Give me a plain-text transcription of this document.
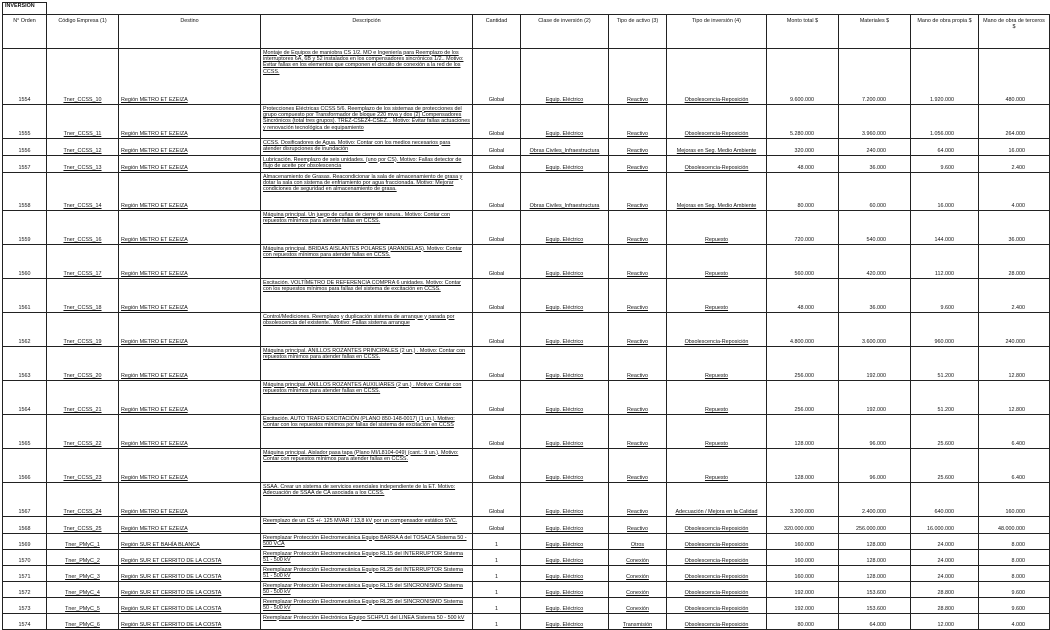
INVERSIÓN											
N° Orden	Código Empresa (1)	Destino	Descripción	Cantidad	Clase de inversión (2)	Tipo de activo (3)	Tipo de inversión (4)	Monto total $	Materiales $	Mano de obra propia $	Mano de obra de terceros $
1554	Tner_CCSS_10	Región METRO ET EZEIZA	Montaje de Equipos de maniobra CS 1/2. MO e Ingeniería para Reemplazo de los interruptores 6A, 6B y 52 instalados en los compensadores sincrónicos 1/2.. Motivo: Evitar fallas en los elementos que componen el circuito de conexión a la red de los CCSS.	Global	Equip. Eléctrico	Reactivo	Obsolescencia-Reposición	9.600.000	7.200.000	1.920.000	480.000
1555	Tner_CCSS_11	Región METRO ET EZEIZA	Protecciones Eléctricas CCSS 5/6. Reemplazo de los sistemas de protecciones del grupo compuesto por Transformador de bloque 220 mva y dos (2) Compensadores Sincrónicos (total tres grupos). TREZ-CSEZ4-CSEZ... Motivo: Evitar fallas actuaciones y renovación tecnológica de equipamiento	Global	Equip. Eléctrico	Reactivo	Obsolescencia-Reposición	5.280.000	3.960.000	1.056.000	264.000
1556	Tner_CCSS_12	Región METRO ET EZEIZA	CCSS. Dosificadores de Agua. Motivo: Contar con los medios necesarios para atender disrupciones de inundación	Global	Obras Civiles_Infraestructura	Reactivo	Mejoras en Seg. Medio Ambiente	320.000	240.000	64.000	16.000
1557	Tner_CCSS_13	Región METRO ET EZEIZA	Lubricación. Reemplazo de seis unidades. (uno por CS). Motivo: Fallas detector de flujo de aceite por obsolescencia	Global	Equip. Eléctrico	Reactivo	Obsolescencia-Reposición	48.000	36.000	9.600	2.400
1558	Tner_CCSS_14	Región METRO ET EZEIZA	Almacenamiento de Grasas. Reacondicionar la sala de almacenamiento de grasa y dotar la sala con sistema de enfriamiento por agua fraccionada. Motivo: Mejorar condiciones de seguridad en almacenamiento de grasa.	Global	Obras Civiles_Infraestructura	Reactivo	Mejoras en Seg. Medio Ambiente	80.000	60.000	16.000	4.000
1559	Tner_CCSS_16	Región METRO ET EZEIZA	Máquina principal. Un juego de cuñas de cierre de ranura.. Motivo: Contar con repuestos mínimos para atender fallas en CCSS.	Global	Equip. Eléctrico	Reactivo	Repuesto	720.000	540.000	144.000	36.000
1560	Tner_CCSS_17	Región METRO ET EZEIZA	Máquina principal. BRIDAS AISLANTES POLARES (ARANDELAS). Motivo: Contar con repuestos mínimos para atender fallas en CCSS.	Global	Equip. Eléctrico	Reactivo	Repuesto	560.000	420.000	112.000	28.000
1561	Tner_CCSS_18	Región METRO ET EZEIZA	Excitación. VOLTÍMETRO DE REFERENCIA COMPRA 6 unidades. Motivo: Contar con los repuestos mínimos para fallas del sistema de excitación en CCSS.	Global	Equip. Eléctrico	Reactivo	Repuesto	48.000	36.000	9.600	2.400
1562	Tner_CCSS_19	Región METRO ET EZEIZA	Control/Mediciones. Reemplazo y duplicación sistema de arranque y parada por obsolescencia del existente.. Motivo: Fallas sistema arranque	Global	Equip. Eléctrico	Reactivo	Obsolescencia-Reposición	4.800.000	3.600.000	960.000	240.000
1563	Tner_CCSS_20	Región METRO ET EZEIZA	Máquina principal. ANILLOS ROZANTES PRINCIPALES (2 un.) . Motivo: Contar con repuestos mínimos para atender fallas en CCSS.	Global	Equip. Eléctrico	Reactivo	Repuesto	256.000	192.000	51.200	12.800
1564	Tner_CCSS_21	Región METRO ET EZEIZA	Máquina principal. ANILLOS ROZANTES AUXILIARES (2 un.) . Motivo: Contar con repuestos mínimos para atender fallas en CCSS.	Global	Equip. Eléctrico	Reactivo	Repuesto	256.000	192.000	51.200	12.800
1565	Tner_CCSS_22	Región METRO ET EZEIZA	Excitación. AUTO TRAFO EXCITACIÓN (PLANO 850-148-0017) (1 un.). Motivo: Contar con los repuestos mínimos por fallas del sistema de excitación en CCSS	Global	Equip. Eléctrico	Reactivo	Repuesto	128.000	96.000	25.600	6.400
1566	Tner_CCSS_23	Región METRO ET EZEIZA	Máquina principal. Aislador pasa tapa (Plano MI/L8104-049) (cant.: 9 un.). Motivo: Contar con repuestos mínimos para atender fallas en CCSS.	Global	Equip. Eléctrico	Reactivo	Repuesto	128.000	96.000	25.600	6.400
1567	Tner_CCSS_24	Región METRO ET EZEIZA	SSAA. Crear un sistema de servicios esenciales independiente de la ET. Motivo: Adecuación de SSAA de CA asociada a los CCSS.	Global	Equip. Eléctrico	Reactivo	Adecuación / Mejora en la Calidad	3.200.000	2.400.000	640.000	160.000
1568	Tner_CCSS_25	Región METRO ET EZEIZA	Reemplazo de un CS +/- 125 MVAR / 13,8 kV por un compensador estático SVC.	Global	Equip. Eléctrico	Reactivo	Obsolescencia-Reposición	320.000.000	256.000.000	16.000.000	48.000.000
1569	Tner_PMyC_1	Región SUR ET BAHÍA BLANCA	Reemplazar Protección Electromecánica Equipo BARRA A del TOSACA Sistema 50 - 500 VCA	1	Equip. Eléctrico	Otros	Obsolescencia-Reposición	160.000	128.000	24.000	8.000
1570	Tner_PMyC_2	Región SUR ET CERRITO DE LA COSTA	Reemplazar Protección Electromecánica Equipo RL15 del INTERRUPTOR Sistema 51 - 500 kV	1	Equip. Eléctrico	Conexión	Obsolescencia-Reposición	160.000	128.000	24.000	8.000
1571	Tner_PMyC_3	Región SUR ET CERRITO DE LA COSTA	Reemplazar Protección Electromecánica Equipo RL25 del INTERRUPTOR Sistema 51 - 500 kV	1	Equip. Eléctrico	Conexión	Obsolescencia-Reposición	160.000	128.000	24.000	8.000
1572	Tner_PMyC_4	Región SUR ET CERRITO DE LA COSTA	Reemplazar Protección Electromecánica Equipo RL15 del SINCRONISMO Sistema 50 - 500 kV	1	Equip. Eléctrico	Conexión	Obsolescencia-Reposición	192.000	153.600	28.800	9.600
1573	Tner_PMyC_5	Región SUR ET CERRITO DE LA COSTA	Reemplazar Protección Electromecánica Equipo RL25 del SINCRONISMO Sistema 50 - 500 kV	1	Equip. Eléctrico	Conexión	Obsolescencia-Reposición	192.000	153.600	28.800	9.600
1574	Tner_PMyC_6	Región SUR ET CERRITO DE LA COSTA	Reemplazar Protección Electrónica Equipo SCHPU1 del LINEA Sistema 50 - 500 kV	1	Equip. Eléctrico	Transmisión	Obsolescencia-Reposición	80.000	64.000	12.000	4.000
